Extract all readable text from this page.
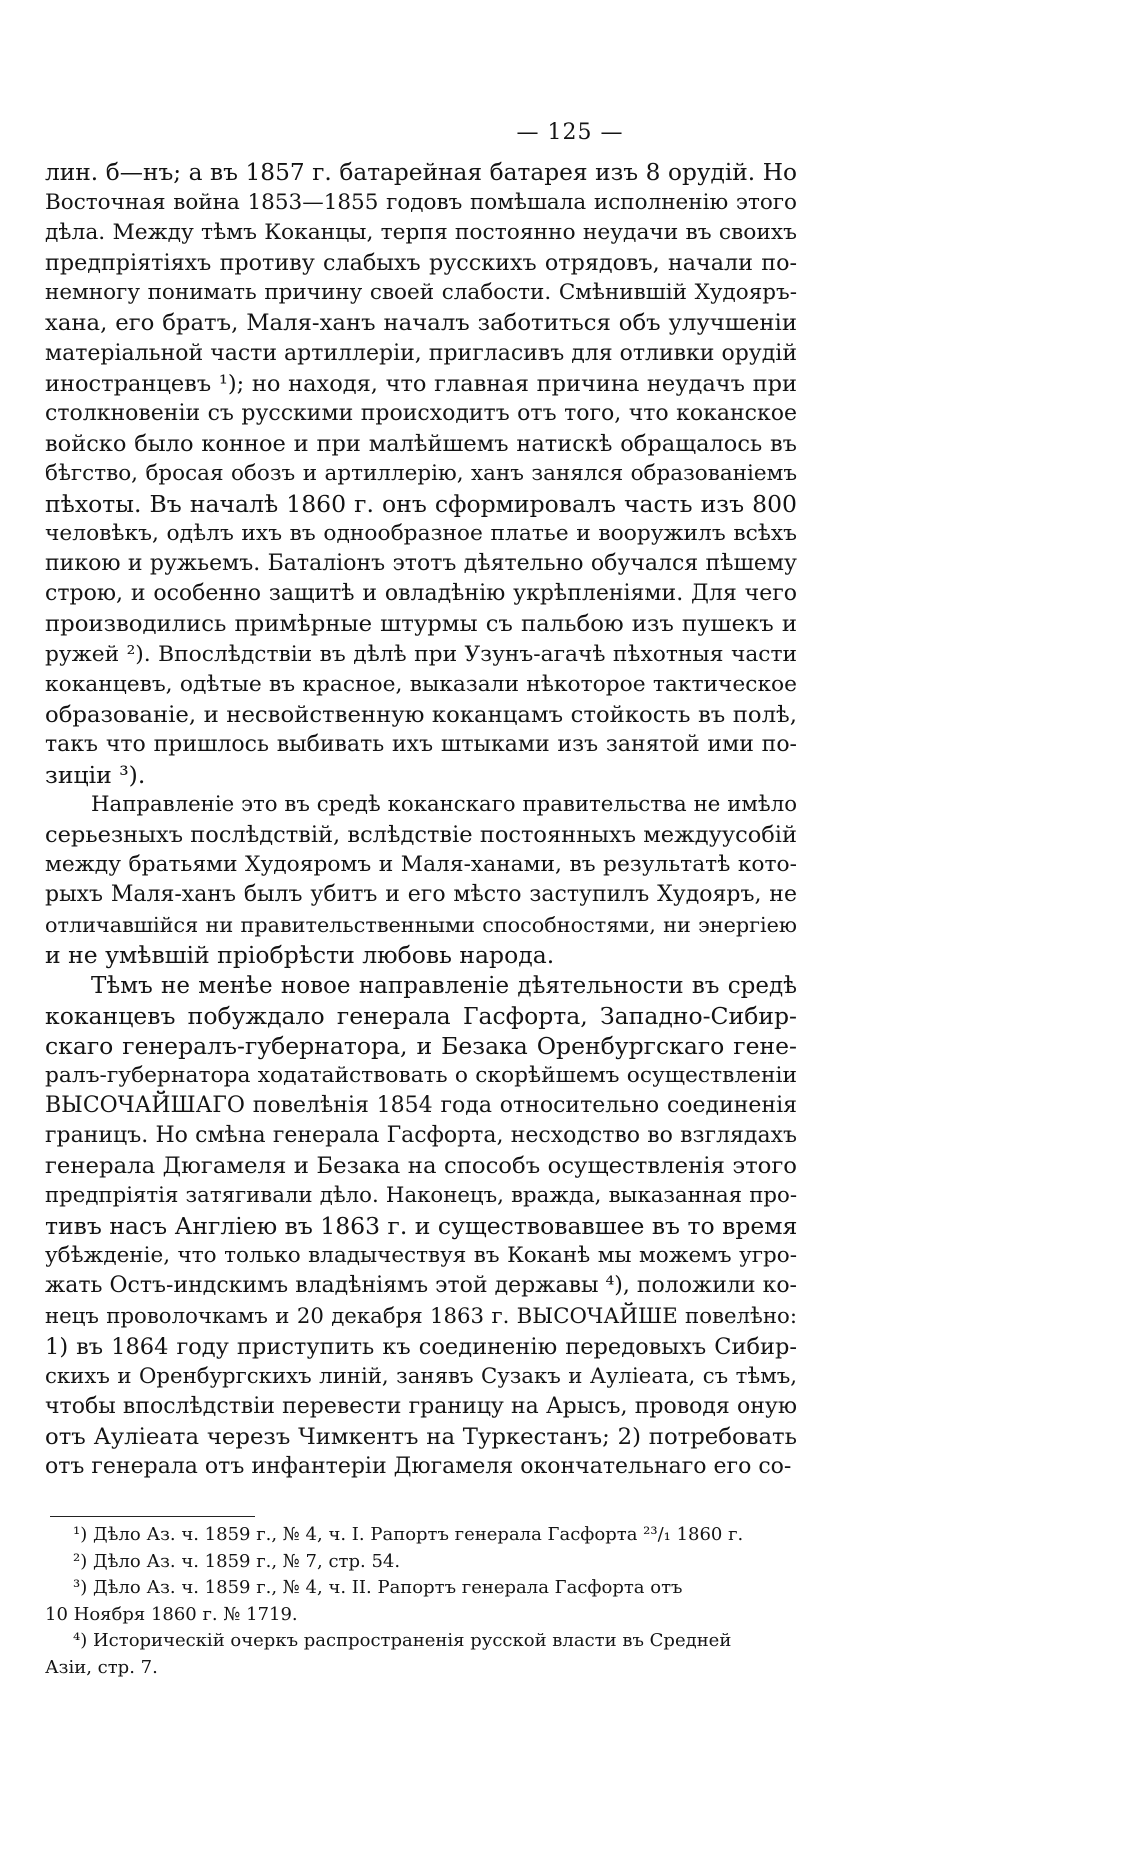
— 125 —

лин. б—нъ; а въ 1857 г. батарейная батарея изъ 8 орудiй. Но
Восточная война 1853—1855 годовъ помѣшала исполненiю этого
дѣла. Между тѣмъ Коканцы, терпя постоянно неудачи въ своихъ
предпрiятiяхъ противу слабыхъ русскихъ отрядовъ, начали по-
немногу понимать причину своей слабости. Смѣнившiй Худояръ-
хана, его братъ, Маля-ханъ началъ заботиться объ улучшенiи
матерiальной части артиллерiи, пригласивъ для отливки орудiй
иностранцевъ ¹); но находя, что главная причина неудачъ при
столкновенiи съ русскими происходитъ отъ того, что коканское
войско было конное и при малѣйшемъ натискѣ обращалось въ
бѣгство, бросая обозъ и артиллерiю, ханъ занялся образованiемъ
пѣхоты. Въ началѣ 1860 г. онъ сформировалъ часть изъ 800
человѣкъ, одѣлъ ихъ въ однообразное платье и вооружилъ всѣхъ
пикою и ружьемъ. Баталiонъ этотъ дѣятельно обучался пѣшему
строю, и особенно защитѣ и овладѣнiю укрѣпленiями. Для чего
производились примѣрные штурмы съ пальбою изъ пушекъ и
ружей ²). Впослѣдствiи въ дѣлѣ при Узунъ-агачѣ пѣхотныя части
коканцевъ, одѣтые въ красное, выказали нѣкоторое тактическое
образованiе, и несвойственную коканцамъ стойкость въ полѣ,
такъ что пришлось выбивать ихъ штыками изъ занятой ими по-
зицiи ³).

Направленiе это въ средѣ коканскаго правительства не имѣло
серьезныхъ послѣдствiй, вслѣдствiе постоянныхъ междуусобiй
между братьями Худояромъ и Маля-ханами, въ результатѣ кото-
рыхъ Маля-ханъ былъ убитъ и его мѣсто заступилъ Худояръ, не
отличавшiйся ни правительственными способностями, ни энергiею
и не умѣвшiй прiобрѣсти любовь народа.

Тѣмъ не менѣе новое направленiе дѣятельности въ средѣ
коканцевъ побуждало генерала Гасфорта, Западно-Сибир-
скаго генералъ-губернатора, и Безака Оренбургскаго гене-
ралъ-губернатора ходатайствовать о скорѣйшемъ осуществленiи
ВЫСОЧАЙШАГО повелѣнiя 1854 года относительно соединенiя
границъ. Но смѣна генерала Гасфорта, несходство во взглядахъ
генерала Дюгамеля и Безака на способъ осуществленiя этого
предпрiятiя затягивали дѣло. Наконецъ, вражда, выказанная про-
тивъ насъ Англiею въ 1863 г. и существовавшее въ то время
убѣжденiе, что только владычествуя въ Коканѣ мы можемъ угро-
жать Остъ-индскимъ владѣнiямъ этой державы ⁴), положили ко-
нецъ проволочкамъ и 20 декабря 1863 г. ВЫСОЧАЙШЕ повелѣно:
1) въ 1864 году приступить къ соединенiю передовыхъ Сибир-
скихъ и Оренбургскихъ линiй, занявъ Сузакъ и Аулiеата, съ тѣмъ,
чтобы впослѣдствiи перевести границу на Арысъ, проводя оную
отъ Аулiеата черезъ Чимкентъ на Туркестанъ; 2) потребовать
отъ генерала отъ инфантерiи Дюгамеля окончательнаго его со-

¹) Дѣло Аз. ч. 1859 г., № 4, ч. I. Рапортъ генерала Гасфорта ²³/₁ 1860 г.

²) Дѣло Аз. ч. 1859 г., № 7, стр. 54.

³) Дѣло Аз. ч. 1859 г., № 4, ч. II. Рапортъ генерала Гасфорта отъ
10 Ноября 1860 г. № 1719.

⁴) Историческiй очеркъ распространенiя русской власти въ Средней
Азiи, стр. 7.
